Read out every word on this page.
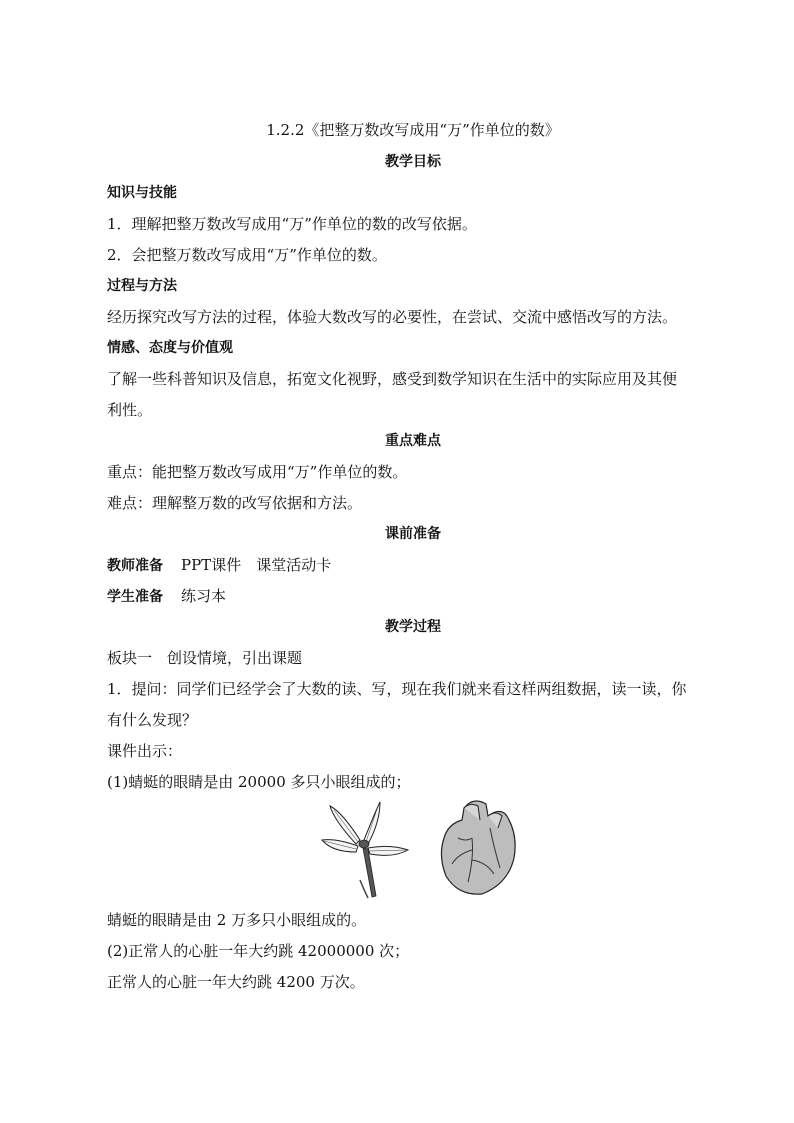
1.2.2《把整万数改写成用“万”作单位的数》
教学目标
知识与技能
1．理解把整万数改写成用“万”作单位的数的改写依据。
2．会把整万数改写成用“万”作单位的数。
过程与方法
经历探究改写方法的过程，体验大数改写的必要性，在尝试、交流中感悟改写的方法。
情感、态度与价值观
了解一些科普知识及信息，拓宽文化视野，感受到数学知识在生活中的实际应用及其便
利性。
重点难点
重点：能把整万数改写成用“万”作单位的数。
难点：理解整万数的改写依据和方法。
课前准备
教师准备 PPT课件　课堂活动卡
学生准备 练习本
教学过程
板块一　创设情境，引出课题
1．提问：同学们已经学会了大数的读、写，现在我们就来看这样两组数据，读一读，你
有什么发现？
课件出示：
(1)蜻蜓的眼睛是由 20000 多只小眼组成的；
蜻蜓的眼睛是由 2 万多只小眼组成的。
(2)正常人的心脏一年大约跳 42000000 次；
正常人的心脏一年大约跳 4200 万次。
